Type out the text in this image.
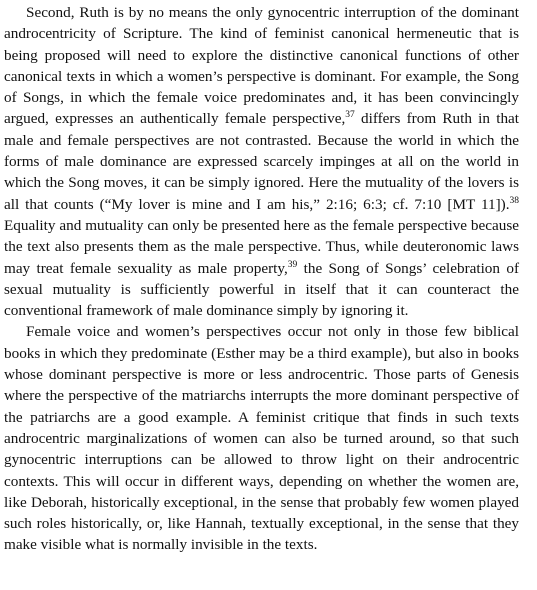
Second, Ruth is by no means the only gynocentric interruption of the dominant androcentricity of Scripture. The kind of feminist canonical hermeneutic that is being proposed will need to explore the distinctive canonical functions of other canonical texts in which a women’s perspective is dominant. For example, the Song of Songs, in which the female voice predominates and, it has been convincingly argued, expresses an authentically female perspective,$^{37}$ differs from Ruth in that male and female perspectives are not contrasted. Because the world in which the forms of male dominance are expressed scarcely impinges at all on the world in which the Song moves, it can be simply ignored. Here the mutuality of the lovers is all that counts (“My lover is mine and I am his,” 2:16; 6:3; cf. 7:10 [MT 11]).$^{38}$ Equality and mutuality can only be presented here as the female perspective because the text also presents them as the male perspective. Thus, while deuteronomic laws may treat female sexuality as male property,$^{39}$ the Song of Songs’ celebration of sexual mutuality is sufficiently powerful in itself that it can counteract the conventional framework of male dominance simply by ignoring it.

Female voice and women’s perspectives occur not only in those few biblical books in which they predominate (Esther may be a third example), but also in books whose dominant perspective is more or less androcentric. Those parts of Genesis where the perspective of the matriarchs interrupts the more dominant perspective of the patriarchs are a good example. A feminist critique that finds in such texts androcentric marginalizations of women can also be turned around, so that such gynocentric interruptions can be allowed to throw light on their androcentric contexts. This will occur in different ways, depending on whether the women are, like Deborah, historically exceptional, in the sense that probably few women played such roles historically, or, like Hannah, textually exceptional, in the sense that they make visible what is normally invisible in the texts.
